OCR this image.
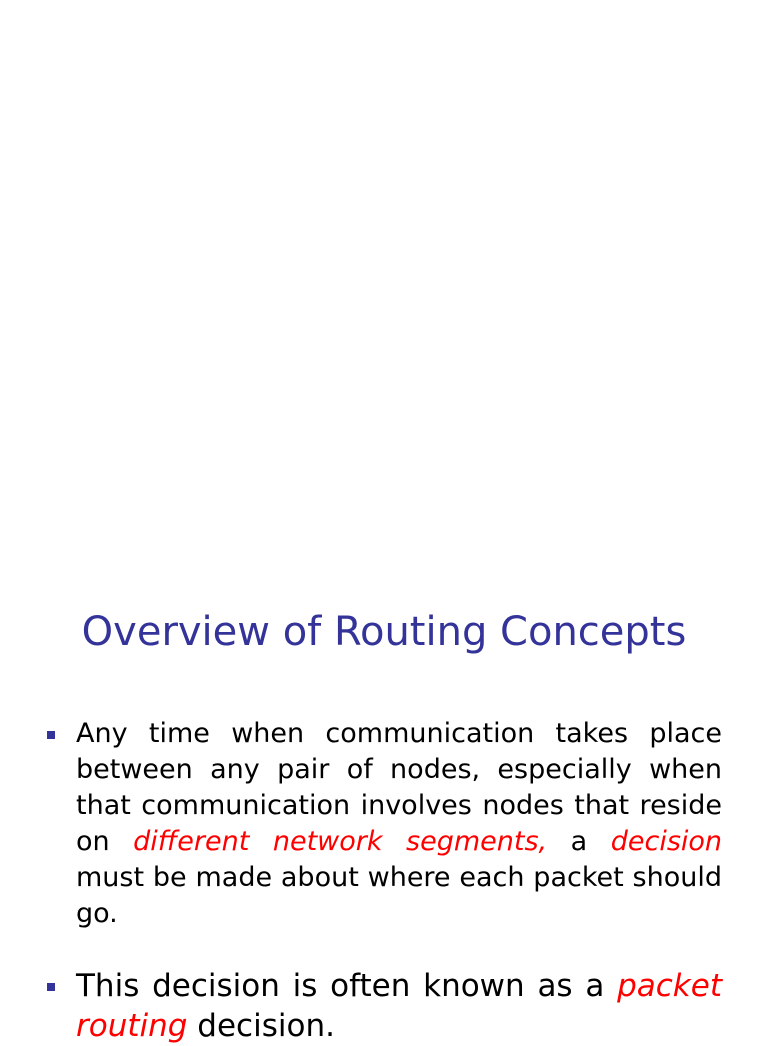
Overview of Routing Concepts
Any time when communication takes place between any pair of nodes, especially when that communication involves nodes that reside on different network segments, a decision must be made about where each packet should go.
This decision is often known as a packet routing decision.
